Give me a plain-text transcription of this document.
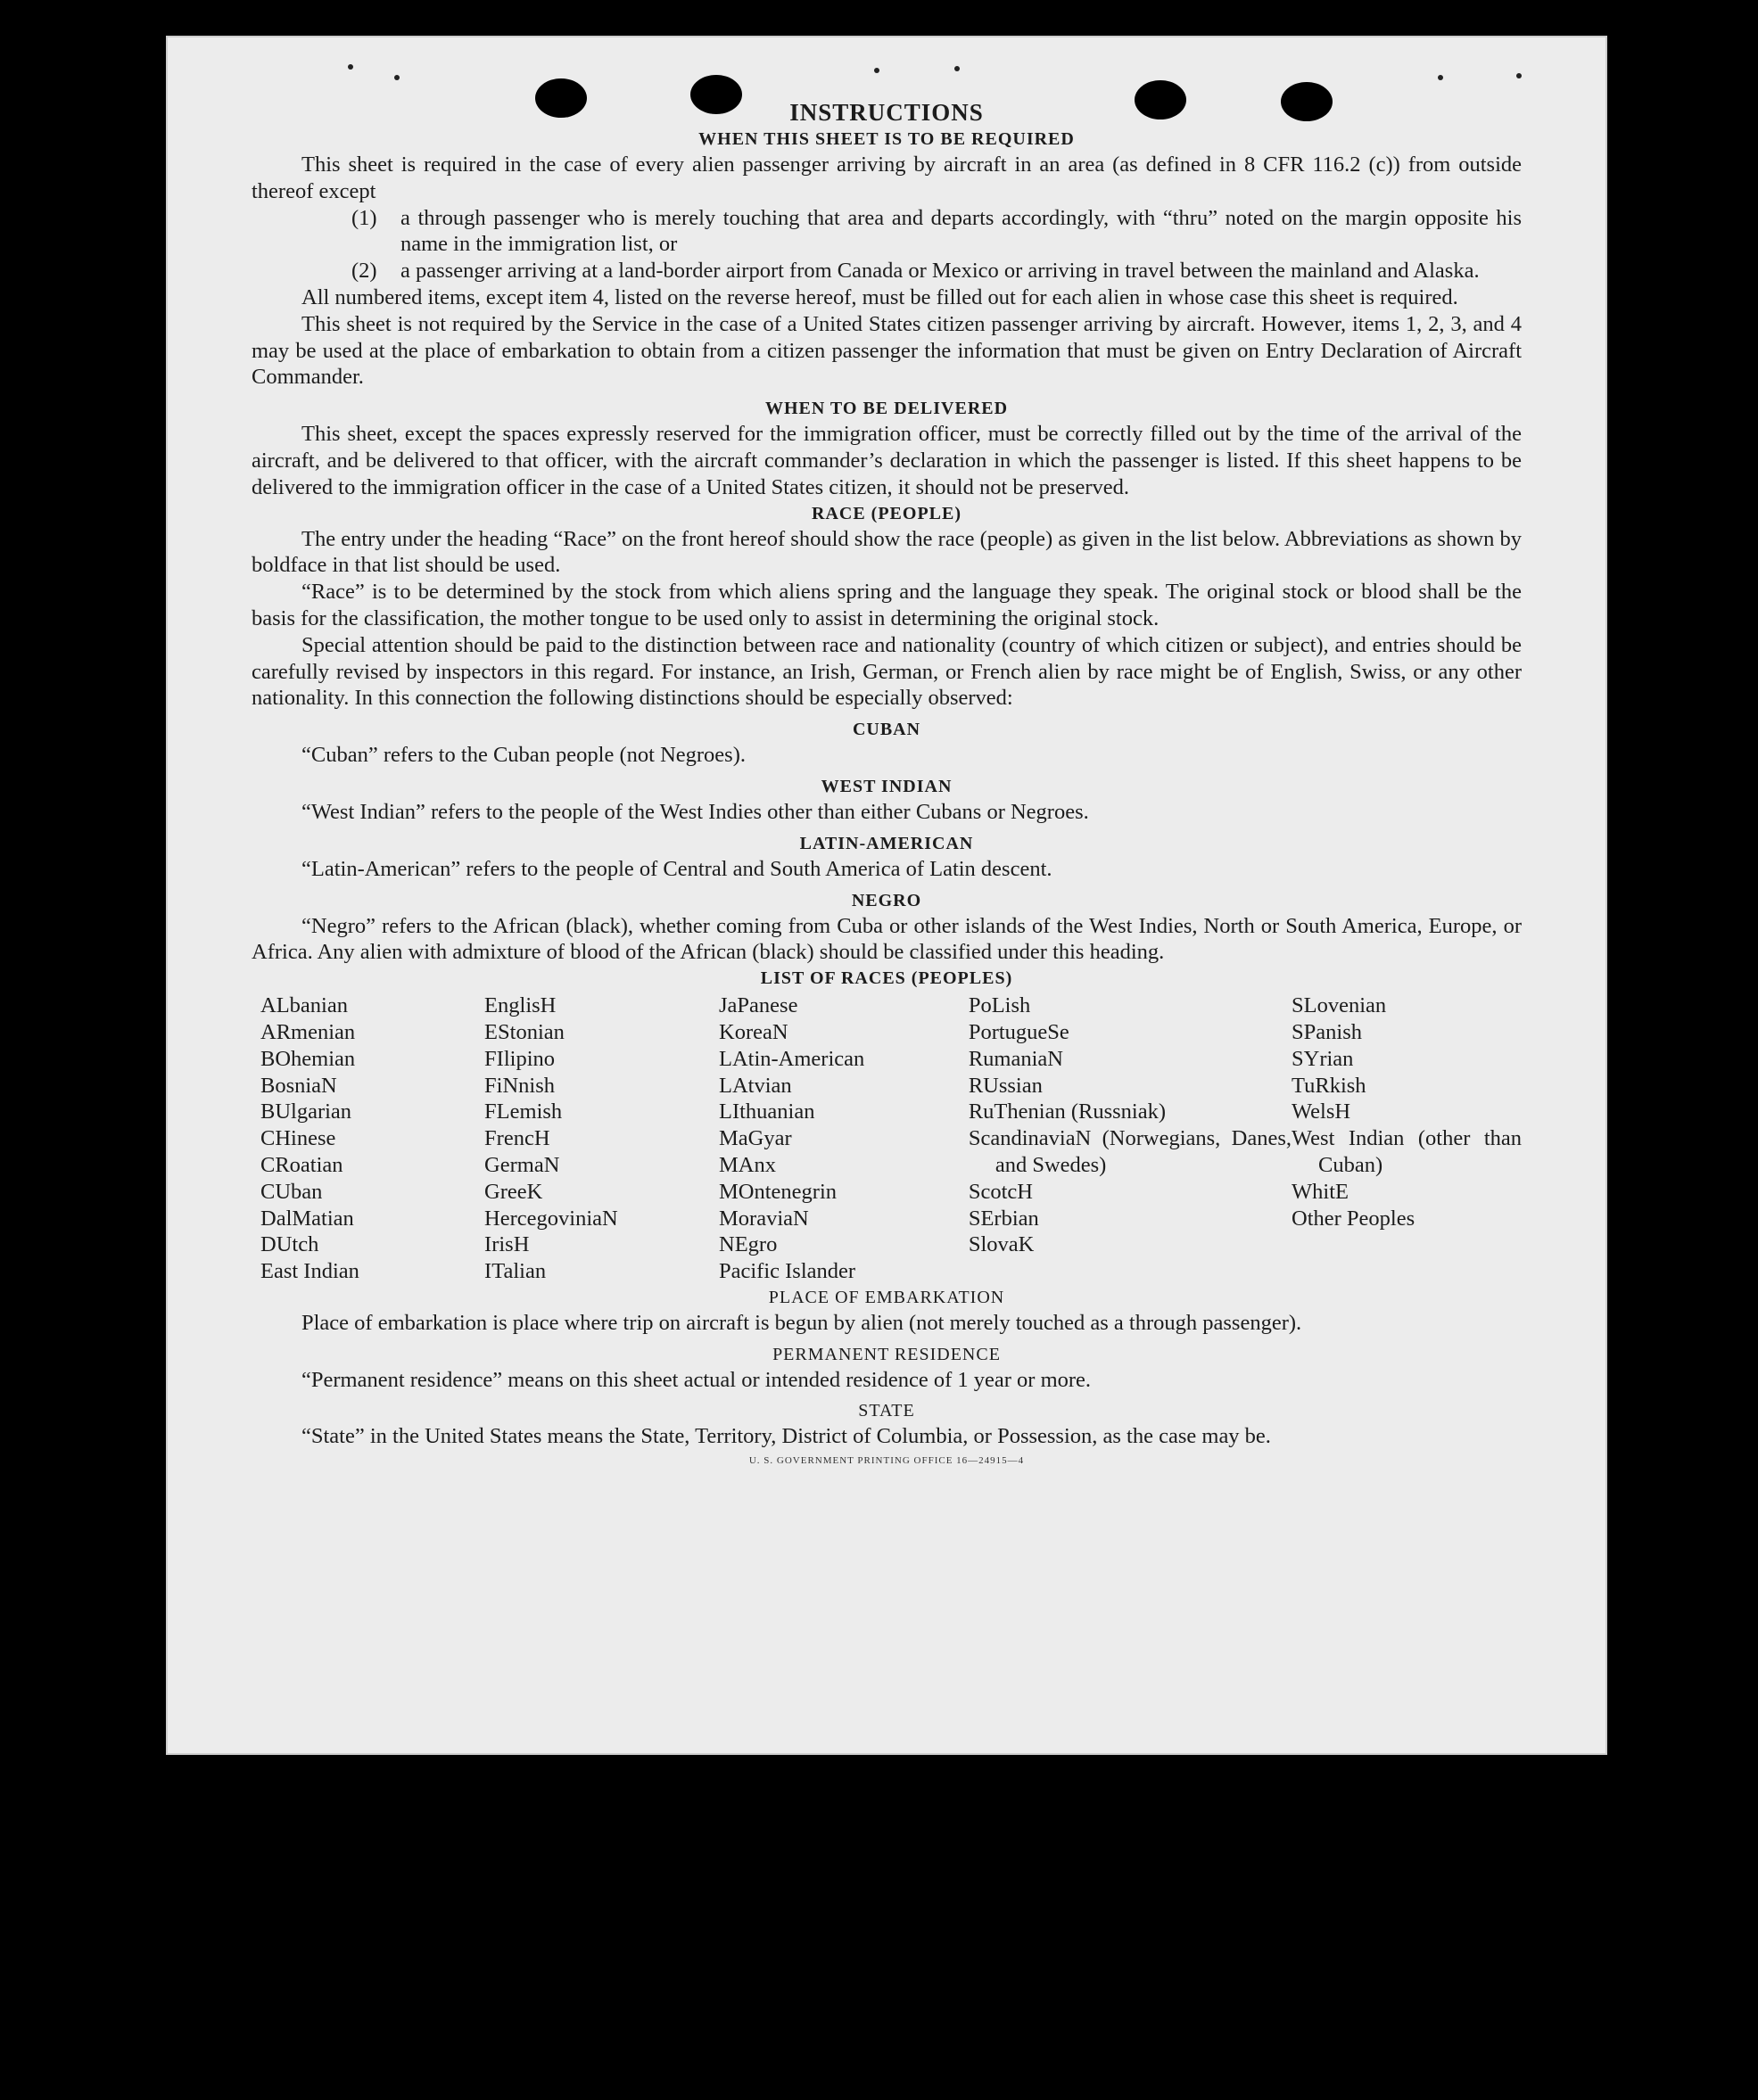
INSTRUCTIONS
WHEN THIS SHEET IS TO BE REQUIRED

This sheet is required in the case of every alien passenger arriving by aircraft in an area (as defined in 8 CFR 116.2 (c)) from outside thereof except

(1) a through passenger who is merely touching that area and departs accordingly, with “thru” noted on the margin opposite his name in the immigration list, or
(2) a passenger arriving at a land-border airport from Canada or Mexico or arriving in travel between the mainland and Alaska.

All numbered items, except item 4, listed on the reverse hereof, must be filled out for each alien in whose case this sheet is required.

This sheet is not required by the Service in the case of a United States citizen passenger arriving by aircraft. However, items 1, 2, 3, and 4 may be used at the place of embarkation to obtain from a citizen passenger the information that must be given on Entry Declaration of Aircraft Commander.

WHEN TO BE DELIVERED

This sheet, except the spaces expressly reserved for the immigration officer, must be correctly filled out by the time of the arrival of the aircraft, and be delivered to that officer, with the aircraft commander’s declaration in which the passenger is listed. If this sheet happens to be delivered to the immigration officer in the case of a United States citizen, it should not be preserved.

RACE (PEOPLE)

The entry under the heading “Race” on the front hereof should show the race (people) as given in the list below. Abbreviations as shown by boldface in that list should be used.

“Race” is to be determined by the stock from which aliens spring and the language they speak. The original stock or blood shall be the basis for the classification, the mother tongue to be used only to assist in determining the original stock.

Special attention should be paid to the distinction between race and nationality (country of which citizen or subject), and entries should be carefully revised by inspectors in this regard. For instance, an Irish, German, or French alien by race might be of English, Swiss, or any other nationality. In this connection the following distinctions should be especially observed:

CUBAN

“Cuban” refers to the Cuban people (not Negroes).

WEST INDIAN

“West Indian” refers to the people of the West Indies other than either Cubans or Negroes.

LATIN-AMERICAN

“Latin-American” refers to the people of Central and South America of Latin descent.

NEGRO

“Negro” refers to the African (black), whether coming from Cuba or other islands of the West Indies, North or South America, Europe, or Africa. Any alien with admixture of blood of the African (black) should be classified under this heading.

LIST OF RACES (PEOPLES)
ALbanian
ARmenian
BOhemian
BosniaN
BUlgarian
CHinese
CRoatian
CUban
DalMatian
DUtch
East Indian
EnglisH
EStonian
FIlipino
FiNnish
FLemish
FrencH
GermaN
GreeK
HercegoviniaN
IrisH
ITalian
JaPanese
KoreaN
LAtin-American
LAtvian
LIthuanian
MaGyar
MAnx
MOntenegrin
MoraviaN
NEgro
Pacific Islander
PoLish
PortugueSe
RumaniaN
RUssian
RuThenian (Russniak)
ScandinaviaN (Norwegians, Danes, and Swedes)
ScotcH
SErbian
SlovaK
SLovenian
SPanish
SYrian
TuRkish
WelsH
West Indian (other than Cuban)
WhitE
Other Peoples
PLACE OF EMBARKATION

Place of embarkation is place where trip on aircraft is begun by alien (not merely touched as a through passenger).

PERMANENT RESIDENCE

“Permanent residence” means on this sheet actual or intended residence of 1 year or more.

STATE

“State” in the United States means the State, Territory, District of Columbia, or Possession, as the case may be.

U. S. GOVERNMENT PRINTING OFFICE 16—24915—4
